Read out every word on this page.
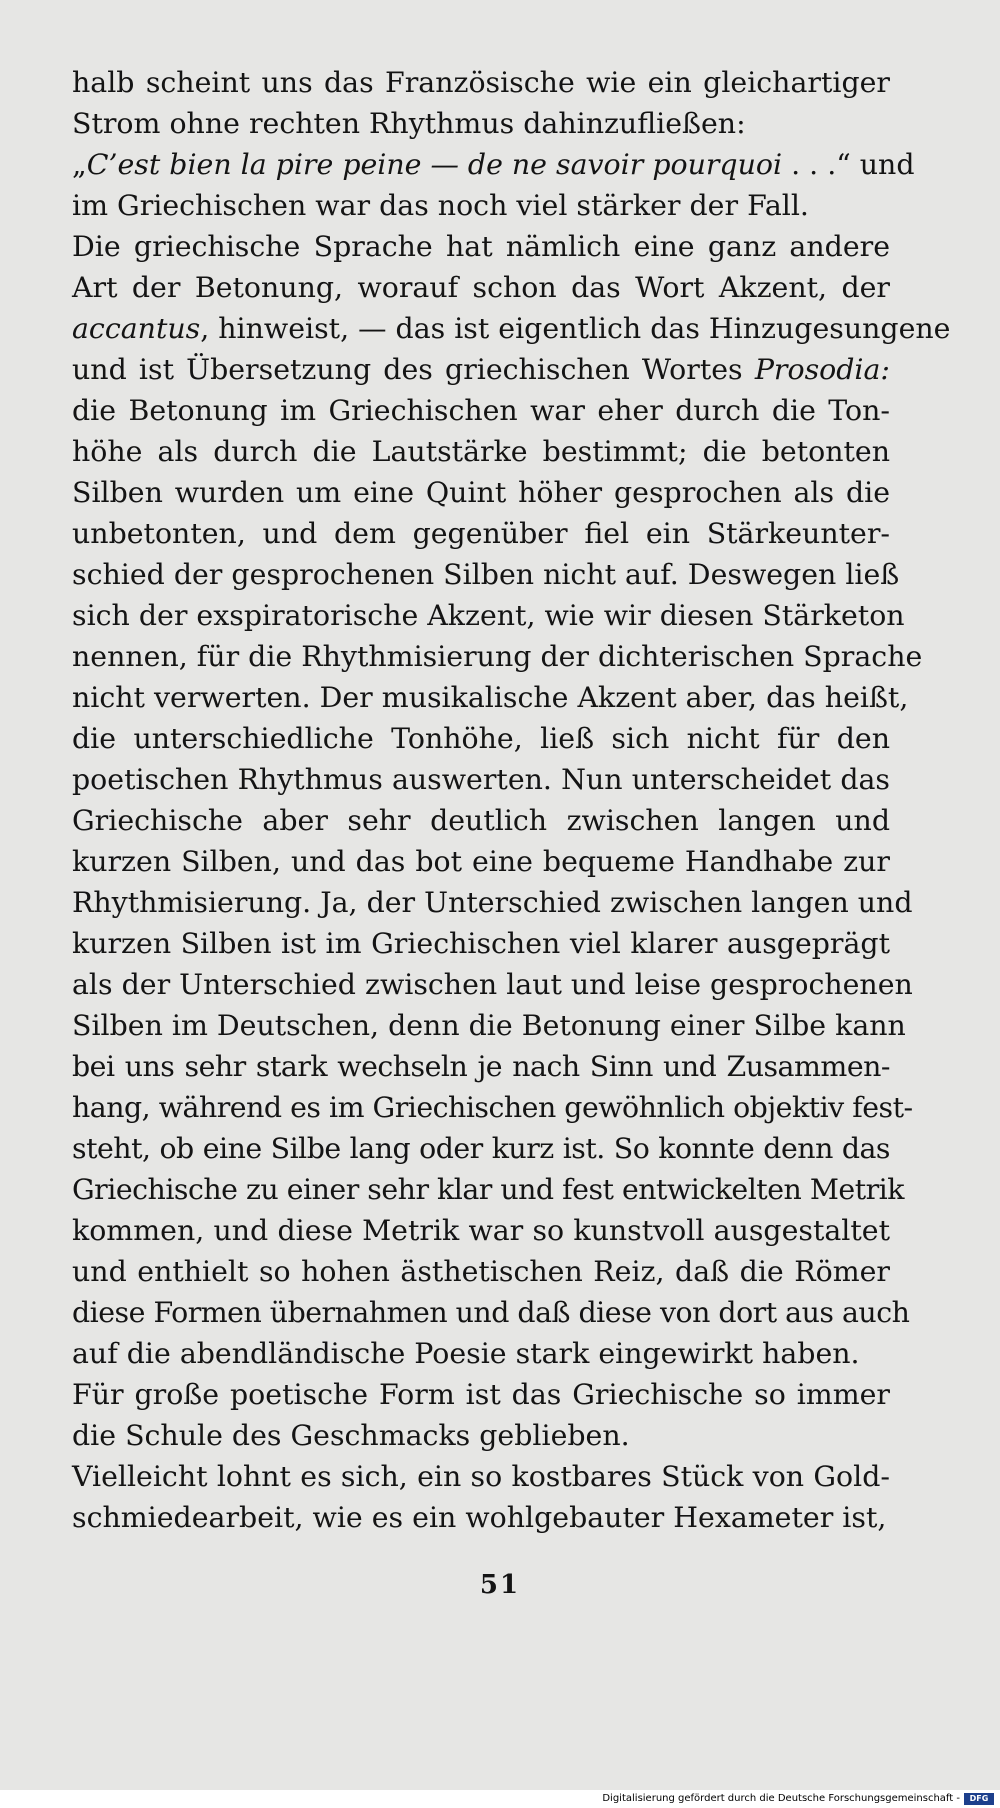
halb scheint uns das Französische wie ein gleichartiger
Strom ohne rechten Rhythmus dahinzufließen:
„C’est bien la pire peine — de ne savoir pourquoi . . .“ und
im Griechischen war das noch viel stärker der Fall.
Die griechische Sprache hat nämlich eine ganz andere
Art der Betonung, worauf schon das Wort Akzent, der
accantus, hinweist, — das ist eigentlich das Hinzugesungene
und ist Übersetzung des griechischen Wortes Prosodia:
die Betonung im Griechischen war eher durch die Ton-
höhe als durch die Lautstärke bestimmt; die betonten
Silben wurden um eine Quint höher gesprochen als die
unbetonten, und dem gegenüber fiel ein Stärkeunter-
schied der gesprochenen Silben nicht auf. Deswegen ließ
sich der exspiratorische Akzent, wie wir diesen Stärketon
nennen, für die Rhythmisierung der dichterischen Sprache
nicht verwerten. Der musikalische Akzent aber, das heißt,
die unterschiedliche Tonhöhe, ließ sich nicht für den
poetischen Rhythmus auswerten. Nun unterscheidet das
Griechische aber sehr deutlich zwischen langen und
kurzen Silben, und das bot eine bequeme Handhabe zur
Rhythmisierung. Ja, der Unterschied zwischen langen und
kurzen Silben ist im Griechischen viel klarer ausgeprägt
als der Unterschied zwischen laut und leise gesprochenen
Silben im Deutschen, denn die Betonung einer Silbe kann
bei uns sehr stark wechseln je nach Sinn und Zusammen-
hang, während es im Griechischen gewöhnlich objektiv fest-
steht, ob eine Silbe lang oder kurz ist. So konnte denn das
Griechische zu einer sehr klar und fest entwickelten Metrik
kommen, und diese Metrik war so kunstvoll ausgestaltet
und enthielt so hohen ästhetischen Reiz, daß die Römer
diese Formen übernahmen und daß diese von dort aus auch
auf die abendländische Poesie stark eingewirkt haben.
Für große poetische Form ist das Griechische so immer
die Schule des Geschmacks geblieben.
Vielleicht lohnt es sich, ein so kostbares Stück von Gold-
schmiedearbeit, wie es ein wohlgebauter Hexameter ist,
51
Digitalisierung gefördert durch die Deutsche Forschungsgemeinschaft -	DFG
